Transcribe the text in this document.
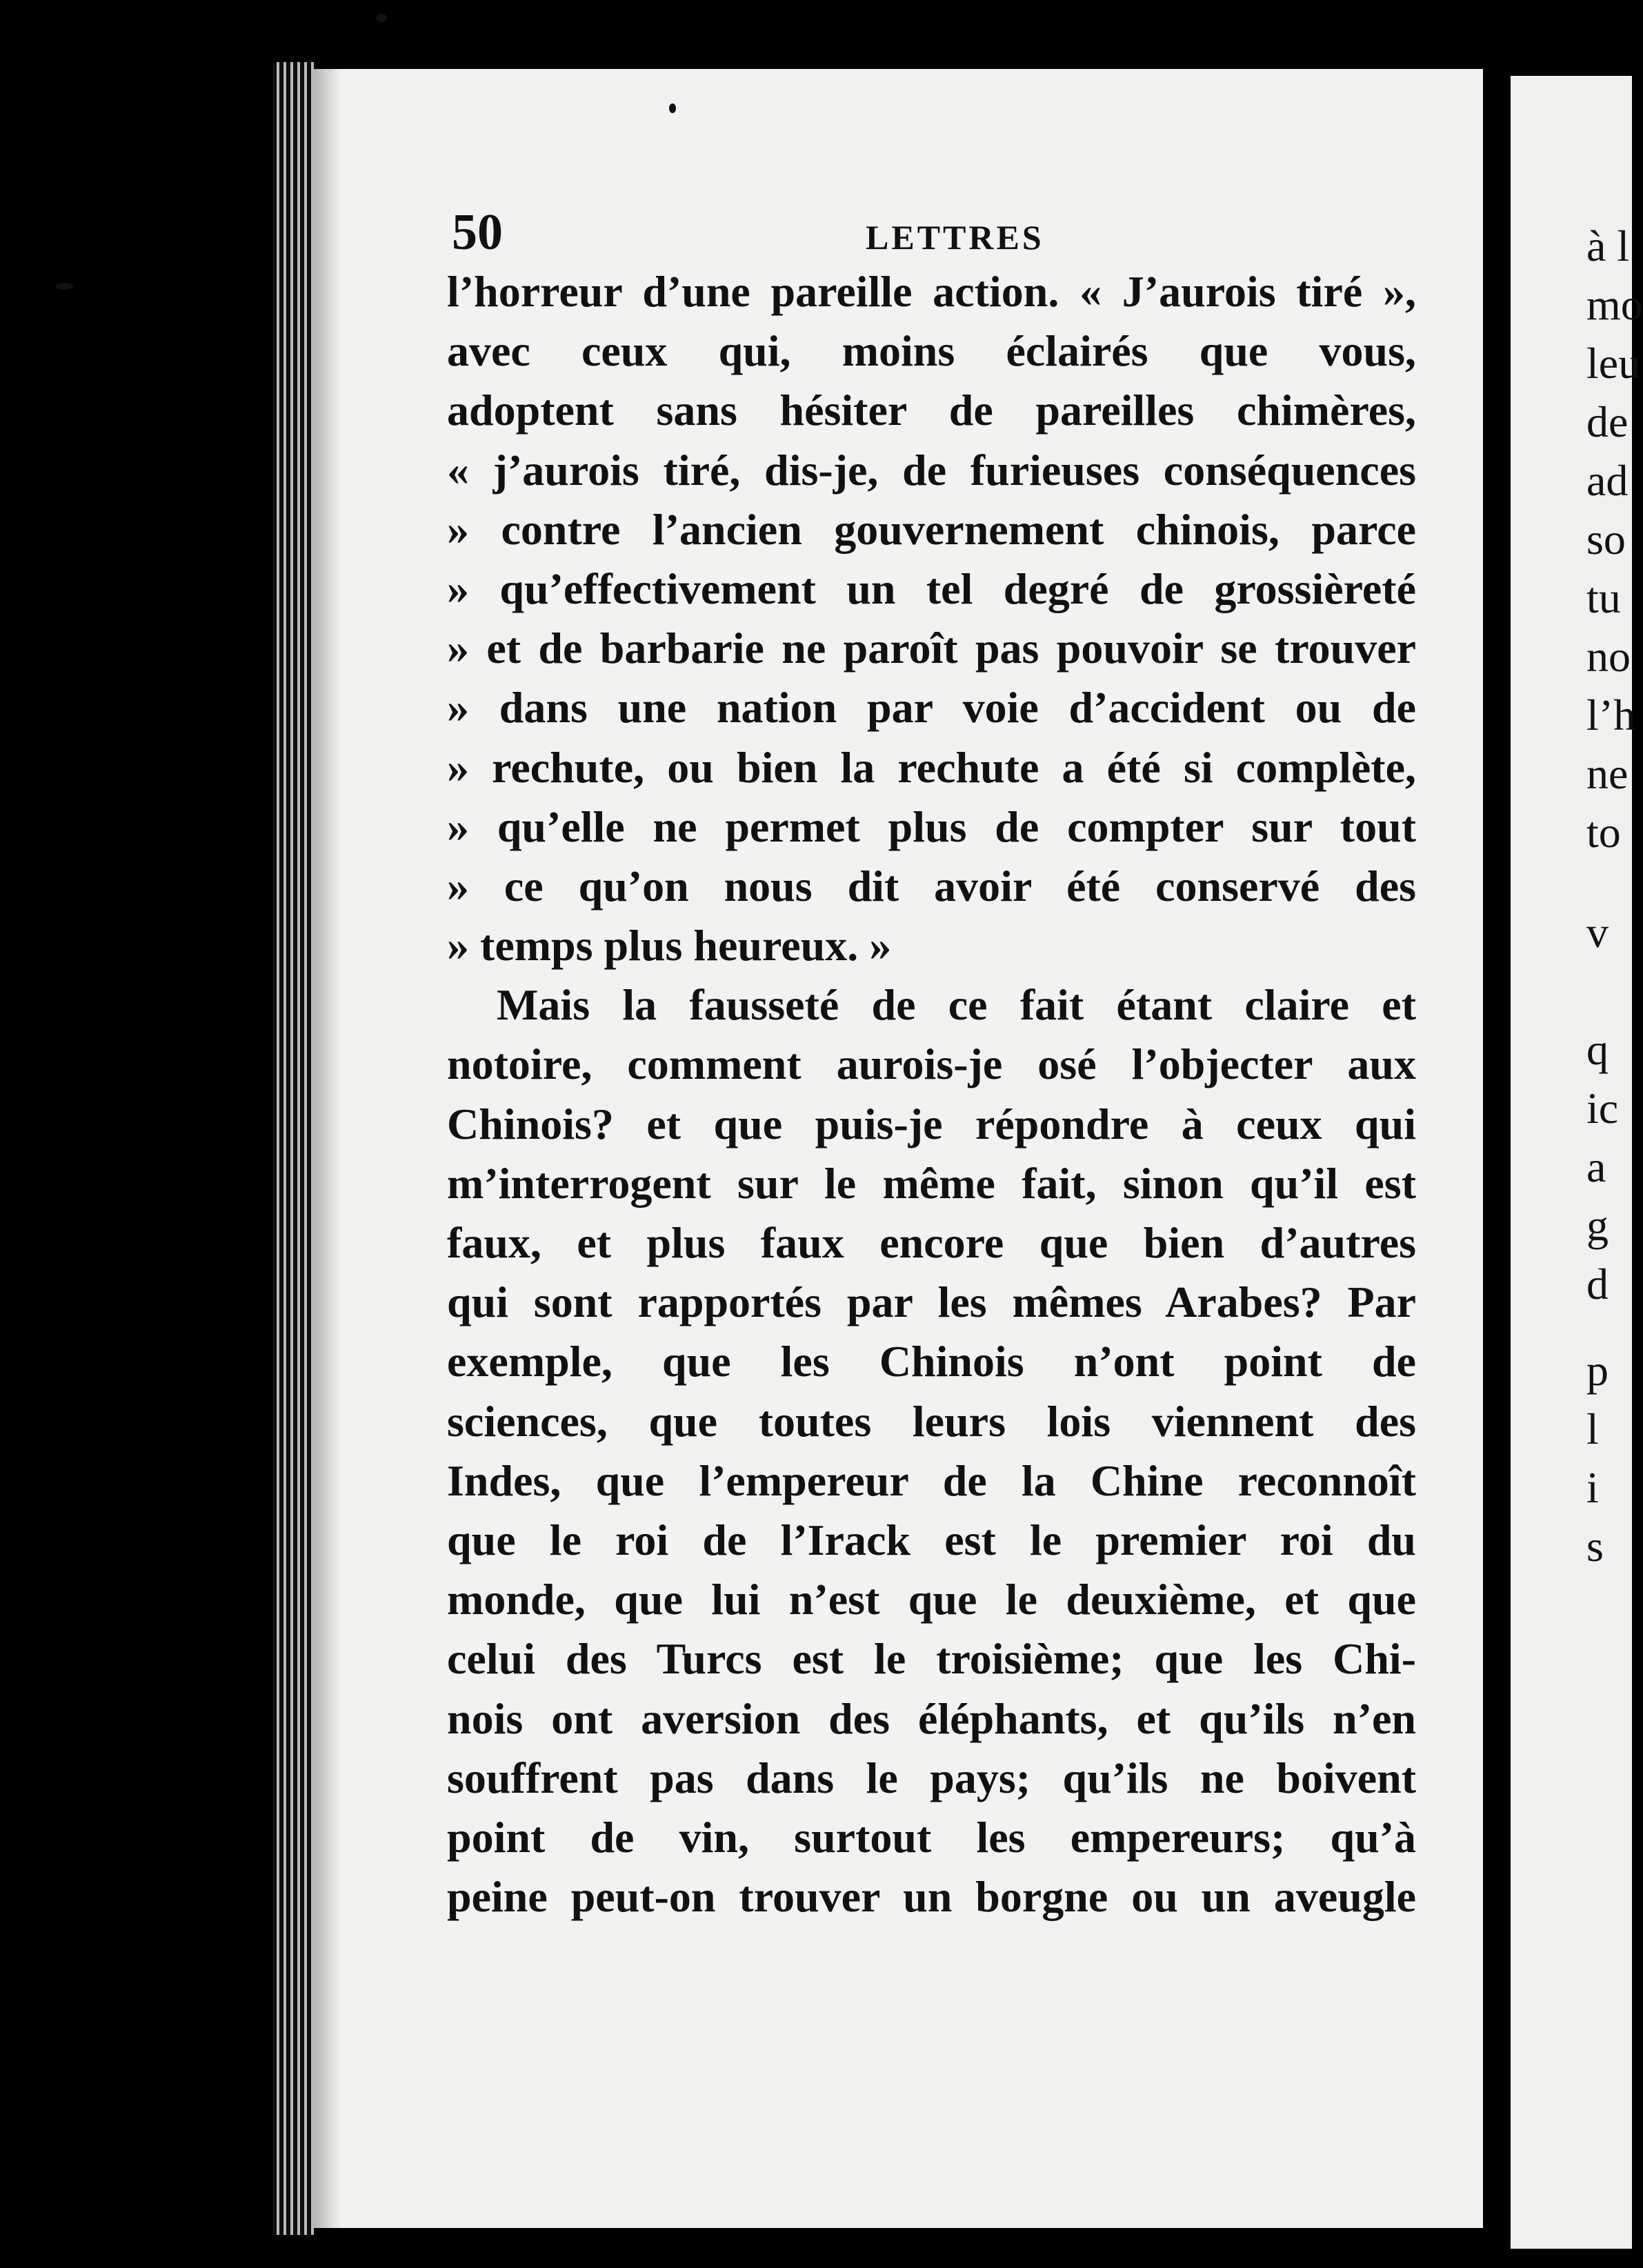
à l
mo
leu
de
ad
so
tu
no
l’h
ne
to
v
q
ic
a
g
d
p
l
i
s
50	LETTRES
l’horreur d’une pareille action. « J’aurois tiré »,
avec ceux qui, moins éclairés que vous,
adoptent sans hésiter de pareilles chimères,
« j’aurois tiré, dis-je, de furieuses conséquences
» contre l’ancien gouvernement chinois, parce
» qu’effectivement un tel degré de grossièreté
» et de barbarie ne paroît pas pouvoir se trouver
» dans une nation par voie d’accident ou de
» rechute, ou bien la rechute a été si complète,
» qu’elle ne permet plus de compter sur tout
» ce qu’on nous dit avoir été conservé des
» temps plus heureux. »
Mais la fausseté de ce fait étant claire et
notoire, comment aurois-je osé l’objecter aux
Chinois? et que puis-je répondre à ceux qui
m’interrogent sur le même fait, sinon qu’il est
faux, et plus faux encore que bien d’autres
qui sont rapportés par les mêmes Arabes? Par
exemple, que les Chinois n’ont point de
sciences, que toutes leurs lois viennent des
Indes, que l’empereur de la Chine reconnoît
que le roi de l’Irack est le premier roi du
monde, que lui n’est que le deuxième, et que
celui des Turcs est le troisième; que les Chi-
nois ont aversion des éléphants, et qu’ils n’en
souffrent pas dans le pays; qu’ils ne boivent
point de vin, surtout les empereurs; qu’à
peine peut-on trouver un borgne ou un aveugle
